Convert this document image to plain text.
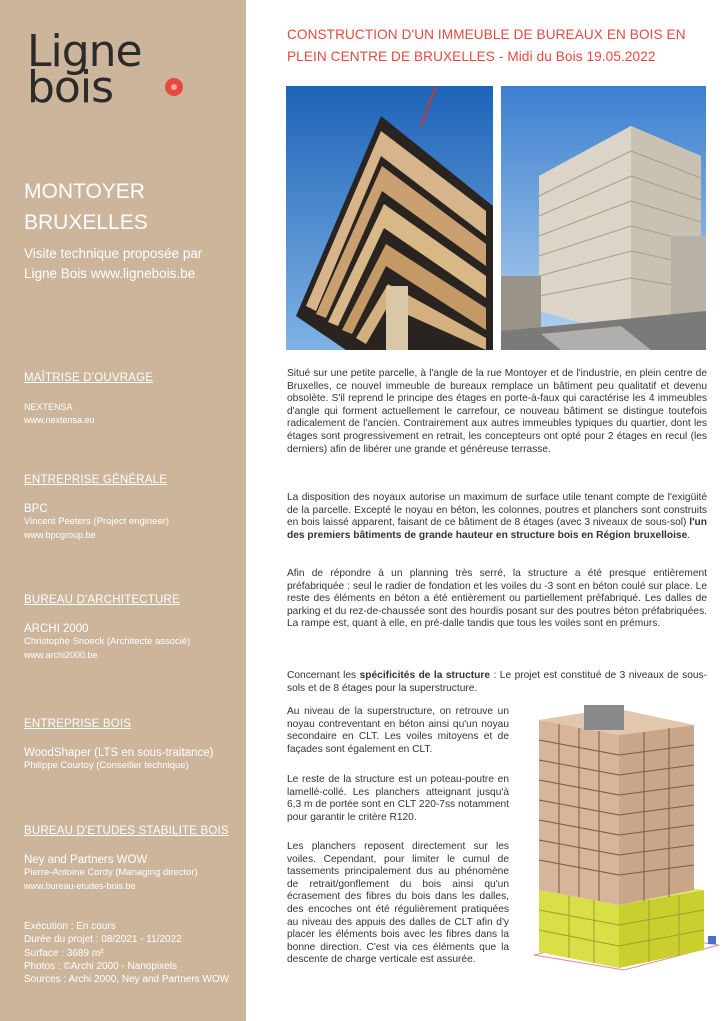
Ligne
bois
MONTOYER
BRUXELLES
Visite technique proposée par
Ligne Bois www.lignebois.be
MAÎTRISE D'OUVRAGE
NEXTENSA
www.nextensa.eu
ENTREPRISE GÉNÉRALE
BPC
Vincent Peeters (Project engineer)
www.bpcgroup.be
BUREAU D'ARCHITECTURE
ARCHI 2000
Christophe Snoeck (Architecte associé)
www.archi2000.be
ENTREPRISE BOIS
WoodShaper (LTS en sous-traitance)
Philippe Courtoy (Conseiller technique)
BUREAU D'ETUDES STABILITE BOIS
Ney and Partners WOW
Pierre-Antoine Cordy (Managing director)
www.bureau-etudes-bois.be
Exécution : En cours
Durée du projet : 08/2021 - 11/2022
Surface : 3689 m²
Photos : ©Archi 2000 - Nanopixels
Sources : Archi 2000, Ney and Partners WOW
CONSTRUCTION D'UN IMMEUBLE DE BUREAUX EN BOIS EN
PLEIN CENTRE DE BRUXELLES - Midi du Bois 19.05.2022

Situé sur une petite parcelle, à l'angle de la rue Montoyer et de l'industrie, en plein centre de Bruxelles, ce nouvel immeuble de bureaux remplace un bâtiment peu qualitatif et devenu obsolète. S'il reprend le principe des étages en porte-à-faux qui caractérise les 4 immeubles d'angle qui forment actuellement le carrefour, ce nouveau bâtiment se distingue toutefois radicalement de l'ancien. Contrairement aux autres immeubles typiques du quartier, dont les étages sont progressivement en retrait, les concepteurs ont opté pour 2 étages en recul (les derniers) afin de libérer une grande et généreuse terrasse.

La disposition des noyaux autorise un maximum de surface utile tenant compte de l'exigüité de la parcelle. Excepté le noyau en béton, les colonnes, poutres et planchers sont construits en bois laissé apparent, faisant de ce bâtiment de 8 étages (avec 3 niveaux de sous-sol) l'un des premiers bâtiments de grande hauteur en structure bois en Région bruxelloise.

Afin de répondre à un planning très serré, la structure a été presque entièrement préfabriquée : seul le radier de fondation et les voiles du -3 sont en béton coulé sur place. Le reste des éléments en béton a été entièrement ou partiellement préfabriqué. Les dalles de parking et du rez-de-chaussée sont des hourdis posant sur des poutres béton préfabriquées. La rampe est, quant à elle, en pré-dalle tandis que tous les voiles sont en prémurs.

Concernant les spécificités de la structure : Le projet est constitué de 3 niveaux de sous-sols et de 8 étages pour la superstructure.

Au niveau de la superstructure, on retrouve un noyau contreventant en béton ainsi qu'un noyau secondaire en CLT. Les voiles mitoyens et de façades sont également en CLT.

Le reste de la structure est un poteau-poutre en lamellé-collé. Les planchers atteignant jusqu'à 6,3 m de portée sont en CLT 220-7ss notamment pour garantir le critère R120.

Les planchers reposent directement sur les voiles. Cependant, pour limiter le cumul de tassements principalement dus au phénomène de retrait/gonflement du bois ainsi qu'un écrasement des fibres du bois dans les dalles, des encoches ont été régulièrement pratiquées au niveau des appuis des dalles de CLT afin d'y placer les éléments bois avec les fibres dans la bonne direction. C'est via ces éléments que la descente de charge verticale est assurée.
